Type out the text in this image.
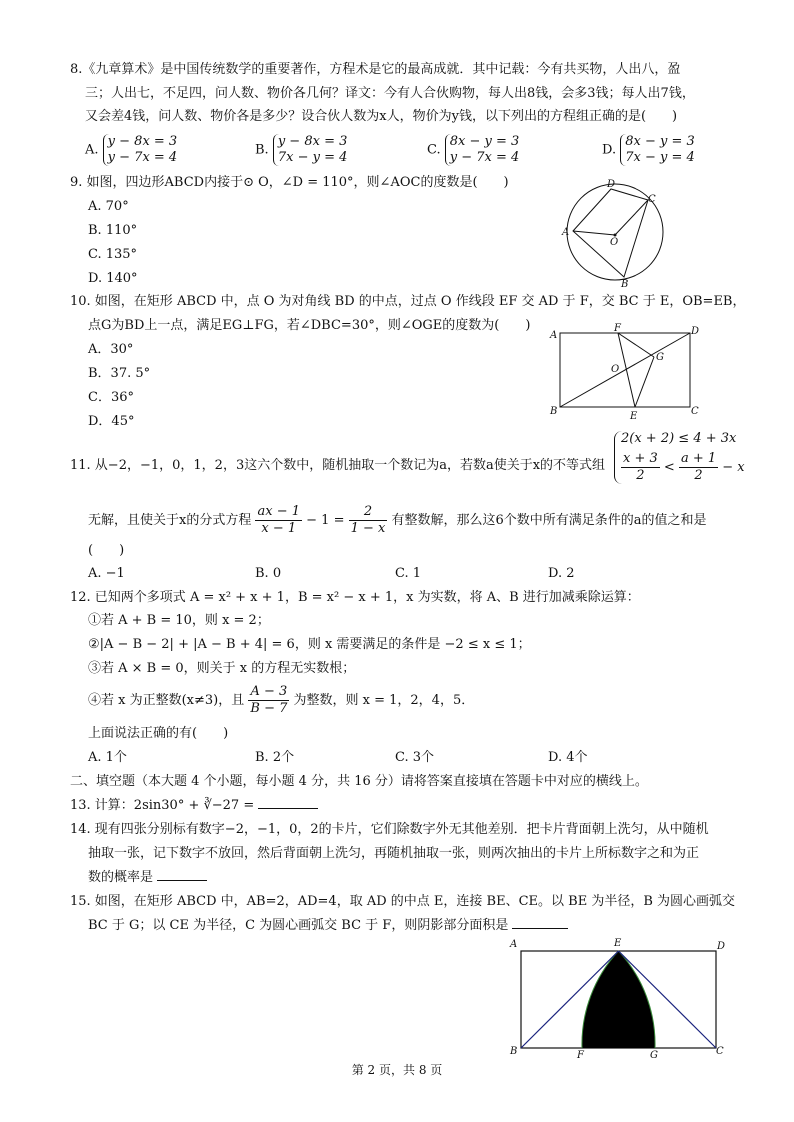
8.《九章算术》是中国传统数学的重要著作，方程术是它的最高成就．其中记载：今有共买物，人出八，盈
三；人出七，不足四，问人数、物价各几何？译文：今有人合伙购物，每人出8钱，会多3钱；每人出7钱，
又会差4钱，问人数、物价各是多少？设合伙人数为x人，物价为y钱，以下列出的方程组正确的是(　　)
A.
y − 8x = 3
y − 7x = 4	B.
y − 8x = 3
7x − y = 4	C.
8x − y = 3
y − 7x = 4	D.
8x − y = 3
7x − y = 4
9. 如图，四边形ABCD内接于⊙ O，∠D = 110°，则∠AOC的度数是(　　)
A. 70°
B. 110°
C. 135°
D. 140°
A
D
C
B
O
10. 如图，在矩形 ABCD 中，点 O 为对角线 BD 的中点，过点 O 作线段 EF 交 AD 于 F，交 BC 于 E，OB=EB，
点G为BD上一点，满足EG⊥FG，若∠DBC=30°，则∠OGE的度数为(　　)
A．30°
B．37. 5°
C．36°
D．45°
A
B	C
D
F
G
O
E
11. 从−2，−1，0，1，2，3这六个数中，随机抽取一个数记为a，若数a使关于x的不等式组
2(x + 2) ≤ 4 + 3x
$\frac{x + 3}{2} < \frac{a + 1}{2} - x$
无解，且使关于x的分式方程 $\frac{ax - 1}{x - 1} - 1 = \frac{2}{1 - x}$ 有整数解，那么这6个数中所有满足条件的a的值之和是
(　　)
A. −1	B. 0	C. 1	D. 2
12. 已知两个多项式 A = x² + x + 1，B = x² − x + 1，x 为实数，将 A、B 进行加减乘除运算：
①若 A + B = 10，则 x = 2；
②|A − B − 2| + |A − B + 4| = 6，则 x 需要满足的条件是 −2 ≤ x ≤ 1；
③若 A × B = 0，则关于 x 的方程无实数根；
④若 x 为正整数(x≠3)，且 $\frac{A - 3}{B - 7}$ 为整数，则 x = 1，2，4，5．
上面说法正确的有(　　)
A. 1个	B. 2个	C. 3个	D. 4个
二、填空题（本大题 4 个小题，每小题 4 分，共 16 分）请将答案直接填在答题卡中对应的横线上。
13. 计算：2sin30° + ∛−27 =
14. 现有四张分别标有数字−2，−1，0，2的卡片，它们除数字外无其他差别．把卡片背面朝上洗匀，从中随机
抽取一张，记下数字不放回，然后背面朝上洗匀，再随机抽取一张，则两次抽出的卡片上所标数字之和为正
数的概率是
15. 如图，在矩形 ABCD 中，AB=2，AD=4，取 AD 的中点 E，连接 BE、CE。以 BE 为半径，B 为圆心画弧交
BC 于 G；以 CE 为半径，C 为圆心画弧交 BC 于 F，则阴影部分面积是
A	E	D
B	F	G	C
第 2 页，共 8 页
